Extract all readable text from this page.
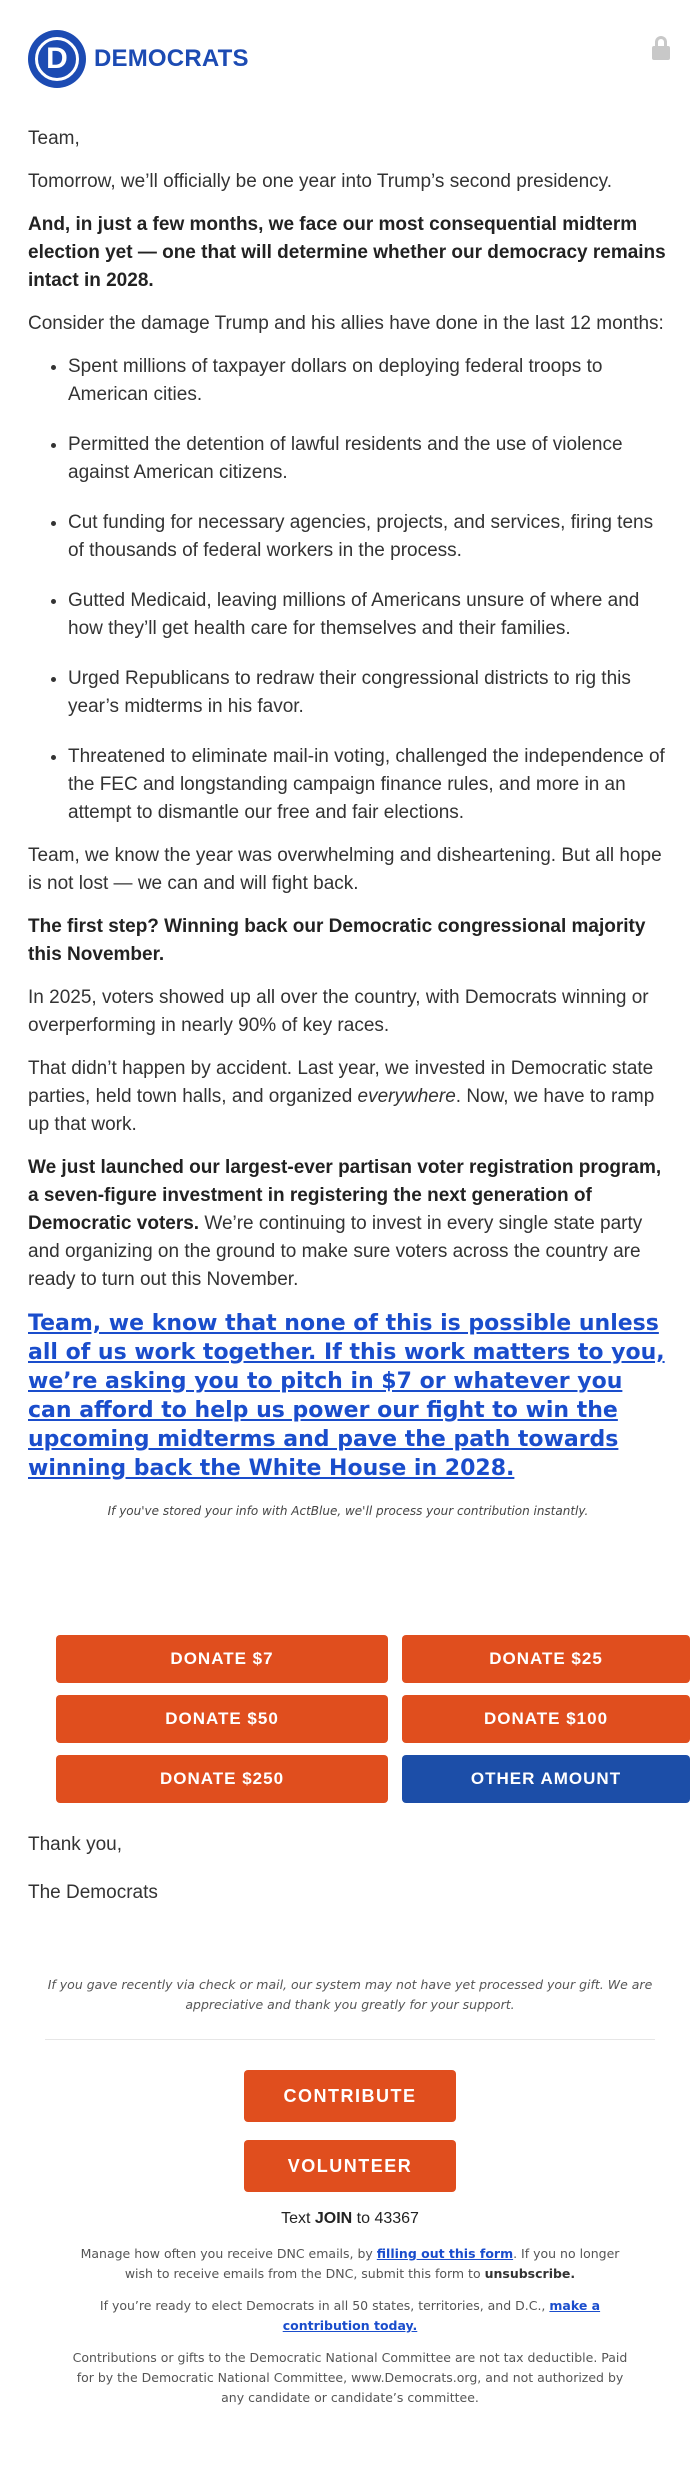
D	DEMOCRATS

Team,

Tomorrow, we’ll officially be one year into Trump’s second presidency.

And, in just a few months, we face our most consequential midterm election yet — one that will determine whether our democracy remains intact in 2028.

Consider the damage Trump and his allies have done in the last 12 months:

• Spent millions of taxpayer dollars on deploying federal troops to American cities.
• Permitted the detention of lawful residents and the use of violence against American citizens.
• Cut funding for necessary agencies, projects, and services, firing tens of thousands of federal workers in the process.
• Gutted Medicaid, leaving millions of Americans unsure of where and how they’ll get health care for themselves and their families.
• Urged Republicans to redraw their congressional districts to rig this year’s midterms in his favor.
• Threatened to eliminate mail-in voting, challenged the independence of the FEC and longstanding campaign finance rules, and more in an attempt to dismantle our free and fair elections.

Team, we know the year was overwhelming and disheartening. But all hope is not lost — we can and will fight back.

The first step? Winning back our Democratic congressional majority this November.

In 2025, voters showed up all over the country, with Democrats winning or overperforming in nearly 90% of key races.

That didn’t happen by accident. Last year, we invested in Democratic state parties, held town halls, and organized everywhere. Now, we have to ramp up that work.

We just launched our largest-ever partisan voter registration program, a seven-figure investment in registering the next generation of Democratic voters. We’re continuing to invest in every single state party and organizing on the ground to make sure voters across the country are ready to turn out this November.

Team, we know that none of this is possible unless all of us work together. If this work matters to you, we’re asking you to pitch in $7 or whatever you can afford to help us power our fight to win the upcoming midterms and pave the path towards winning back the White House in 2028.
If you've stored your info with ActBlue, we'll process your contribution instantly.
DONATE $7	DONATE $25
DONATE $50	DONATE $100
DONATE $250	OTHER AMOUNT

Thank you,

The Democrats

If you gave recently via check or mail, our system may not have yet processed your gift. We are appreciative and thank you greatly for your support.
CONTRIBUTE
VOLUNTEER
Text JOIN to 43367
Manage how often you receive DNC emails, by filling out this form. If you no longer wish to receive emails from the DNC, submit this form to unsubscribe.
If you’re ready to elect Democrats in all 50 states, territories, and D.C., make a contribution today.
Contributions or gifts to the Democratic National Committee are not tax deductible. Paid for by the Democratic National Committee, www.Democrats.org, and not authorized by any candidate or candidate’s committee.
